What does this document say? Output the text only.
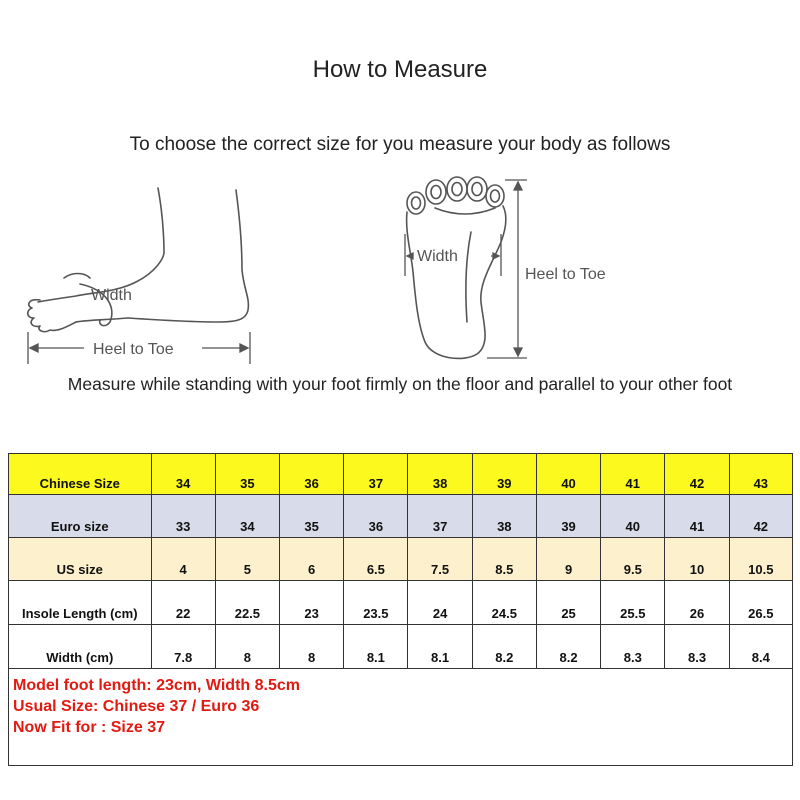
How to Measure
To choose the correct size for you measure your body as follows
Width
Heel to Toe
Width
Heel to Toe
Measure while standing with your foot firmly on the floor and parallel to your other foot
Chinese Size	34	35	36	37	38	39	40	41	42	43
Euro size	33	34	35	36	37	38	39	40	41	42
US size	4	5	6	6.5	7.5	8.5	9	9.5	10	10.5
Insole Length (cm)	22	22.5	23	23.5	24	24.5	25	25.5	26	26.5
Width (cm)	7.8	8	8	8.1	8.1	8.2	8.2	8.3	8.3	8.4

Model foot length: 23cm, Width 8.5cm
Usual Size: Chinese 37 / Euro 36
Now Fit for : Size 37										
